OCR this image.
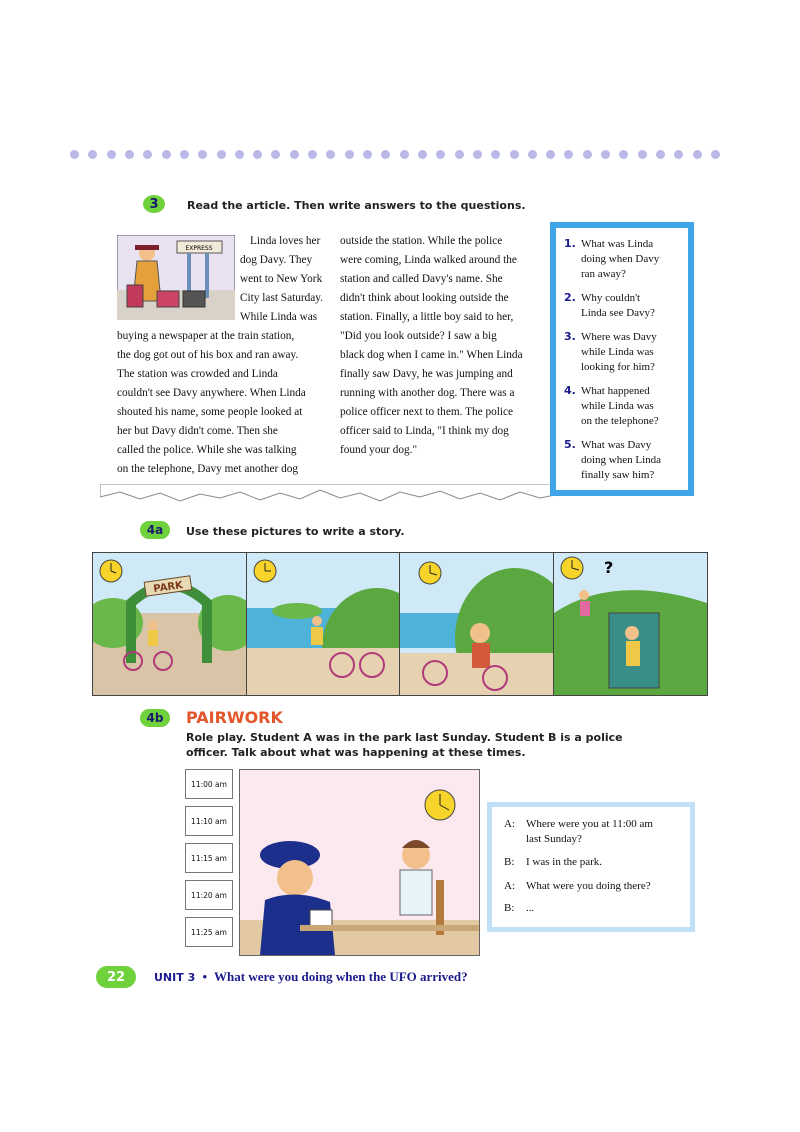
3	Read the article. Then write answers to the questions.
EXPRESS
Linda loves her
dog Davy. They
went to New York
City last Saturday.
While Linda was
buying a newspaper at the train station,
the dog got out of his box and ran away.
The station was crowded and Linda
couldn't see Davy anywhere. When Linda
shouted his name, some people looked at
her but Davy didn't come. Then she
called the police. While she was talking
on the telephone, Davy met another dog
outside the station. While the police
were coming, Linda walked around the
station and called Davy's name. She
didn't think about looking outside the
station. Finally, a little boy said to her,
"Did you look outside? I saw a big
black dog when I came in." When Linda
finally saw Davy, he was jumping and
running with another dog. There was a
police officer next to them. The police
officer said to Linda, "I think my dog
found your dog."
1. What was Linda
doing when Davy
ran away?
2. Why couldn't
Linda see Davy?
3. Where was Davy
while Linda was
looking for him?
4. What happened
while Linda was
on the telephone?
5. What was Davy
doing when Linda
finally saw him?
4a	Use these pictures to write a story.
PARK
?
4b	PAIRWORK
Role play. Student A was in the park last Sunday. Student B is a police
officer. Talk about what was happening at these times.
11:00 am
11:10 am
11:15 am
11:20 am
11:25 am
A: Where were you at 11:00 am
last Sunday?
B: I was in the park.
A: What were you doing there?
B: ...
22	UNIT 3 • What were you doing when the UFO arrived?
